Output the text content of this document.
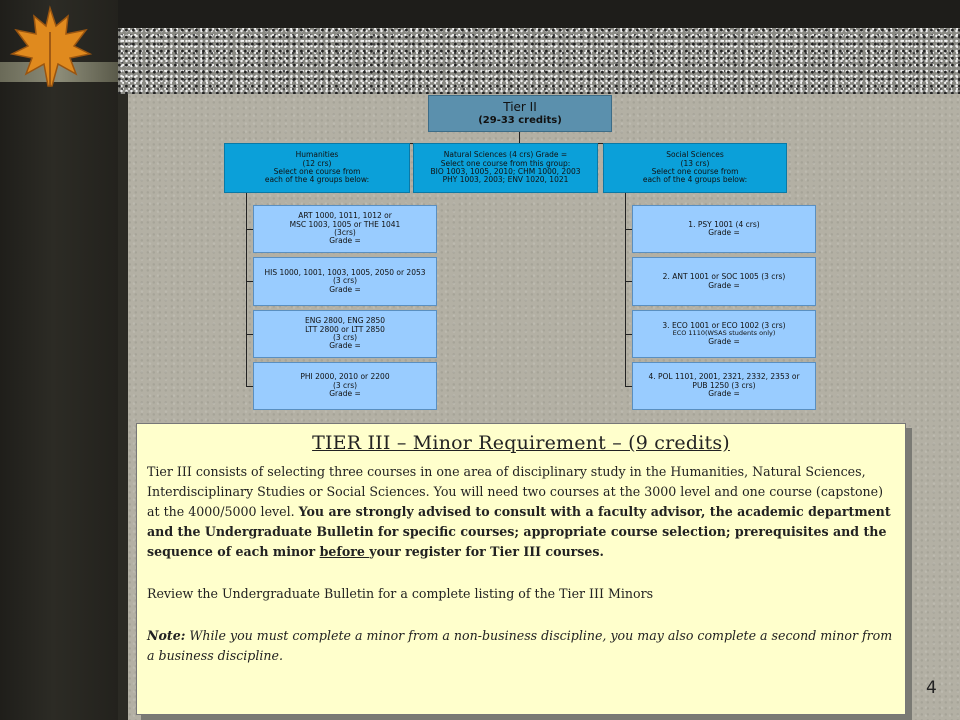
Tier II
(29-33 credits)
Humanities
(12 crs)
Select one course from
each of the 4 groups below:
Natural Sciences (4 crs) Grade =
Select one course from this group:
BIO 1003, 1005, 2010; CHM 1000, 2003
PHY 1003, 2003; ENV 1020, 1021
Social Sciences
(13 crs)
Select one course from
each of the 4 groups below:
ART 1000, 1011, 1012 or
MSC 1003, 1005 or THE 1041
(3crs)
Grade =
HIS 1000, 1001, 1003, 1005, 2050 or 2053
(3 crs)
Grade =
ENG 2800, ENG 2850
LTT 2800 or LTT 2850
(3 crs)
Grade =
PHI 2000, 2010 or 2200
(3 crs)
Grade =
1. PSY 1001 (4 crs)
Grade =
2. ANT 1001 or SOC 1005 (3 crs)
Grade =
3. ECO 1001 or ECO 1002 (3 crs)
ECO 1110(WSAS students only)
Grade =
4. POL 1101, 2001, 2321, 2332, 2353 or
PUB 1250 (3 crs)
Grade =
TIER III – Minor Requirement – (9 credits)

Tier III consists of selecting three courses in one area of disciplinary study in the Humanities, Natural Sciences, Interdisciplinary Studies or Social Sciences. You will need two courses at the 3000 level and one course (capstone) at the 4000/5000 level. You are strongly advised to consult with a faculty advisor, the academic department and the Undergraduate Bulletin for specific courses; appropriate course selection; prerequisites and the sequence of each minor before your register for Tier III courses.

Review the Undergraduate Bulletin for a complete listing of the Tier III Minors

Note: While you must complete a minor from a non-business discipline, you may also complete a second minor from a business discipline.

4
